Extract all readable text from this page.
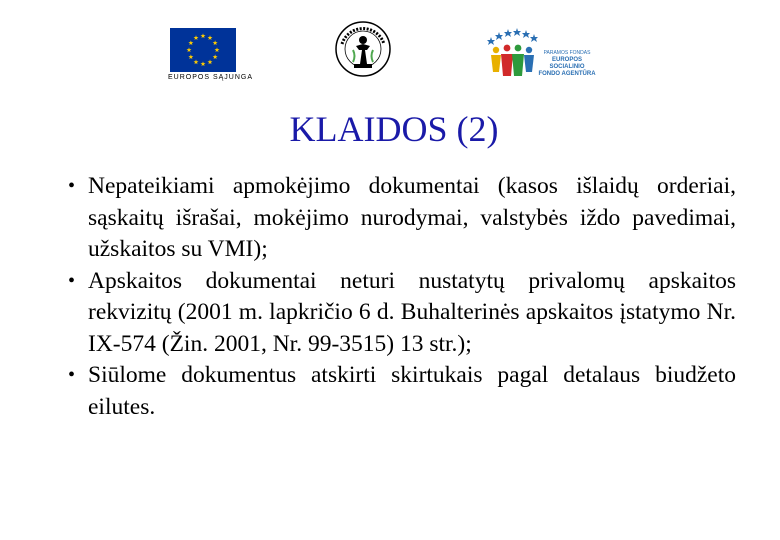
EUROPOS SĄJUNGA
PARAMOS FONDAS
EUROPOS SOCIALINIO
FONDO AGENTŪRA
KLAIDOS (2)
• Nepateikiami apmokėjimo dokumentai (kasos išlaidų orderiai, sąskaitų išrašai, mokėjimo nurodymai, valstybės iždo pavedimai, užskaitos su VMI);
• Apskaitos dokumentai neturi nustatytų privalomų apskaitos rekvizitų (2001 m. lapkričio 6 d. Buhalterinės apskaitos įstatymo Nr. IX-574 (Žin. 2001, Nr. 99-3515) 13 str.);
• Siūlome dokumentus atskirti skirtukais pagal detalaus biudžeto eilutes.
